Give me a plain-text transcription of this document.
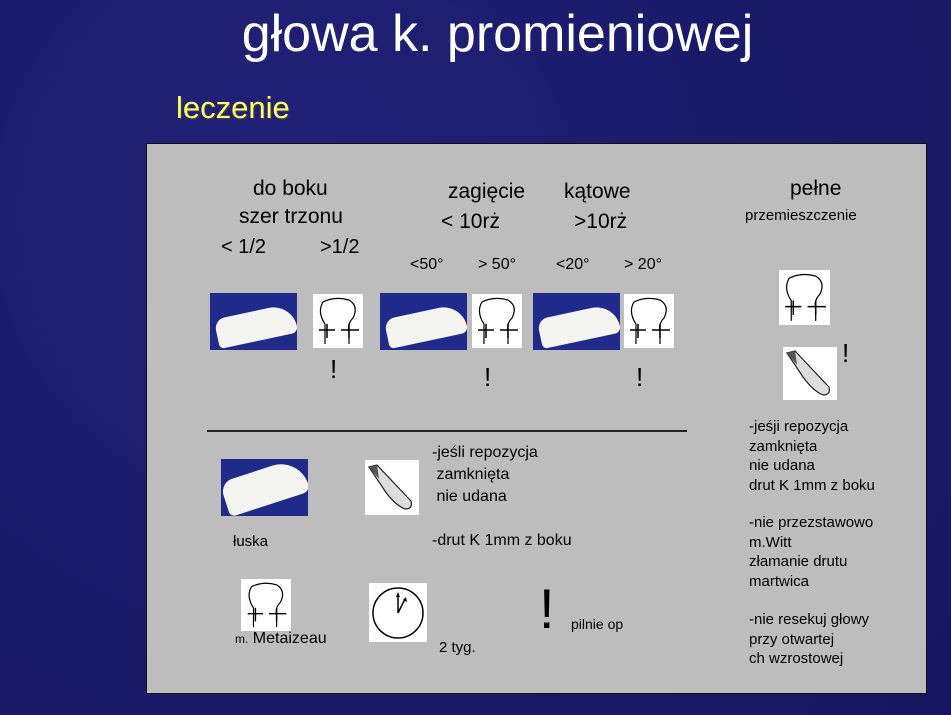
głowa k. promieniowej
leczenie
do boku
szer trzonu
< 1/2	>1/2
zagięcie
< 10rż
<50° > 50°
kątowe
>10rż
<20° > 20°
pełne
przemieszczenie
!	!	!
!
łuska
-jeśli repozycja
zamknięta
nie udana
-drut K 1mm z boku
m. Metaizeau
2 tyg.
! pilnie op
-jeśji repozycja
zamknięta
nie udana
drut K 1mm z boku
-nie przezstawowo
m.Witt
złamanie drutu
martwica
-nie resekuj głowy
przy otwartej
ch wzrostowej
